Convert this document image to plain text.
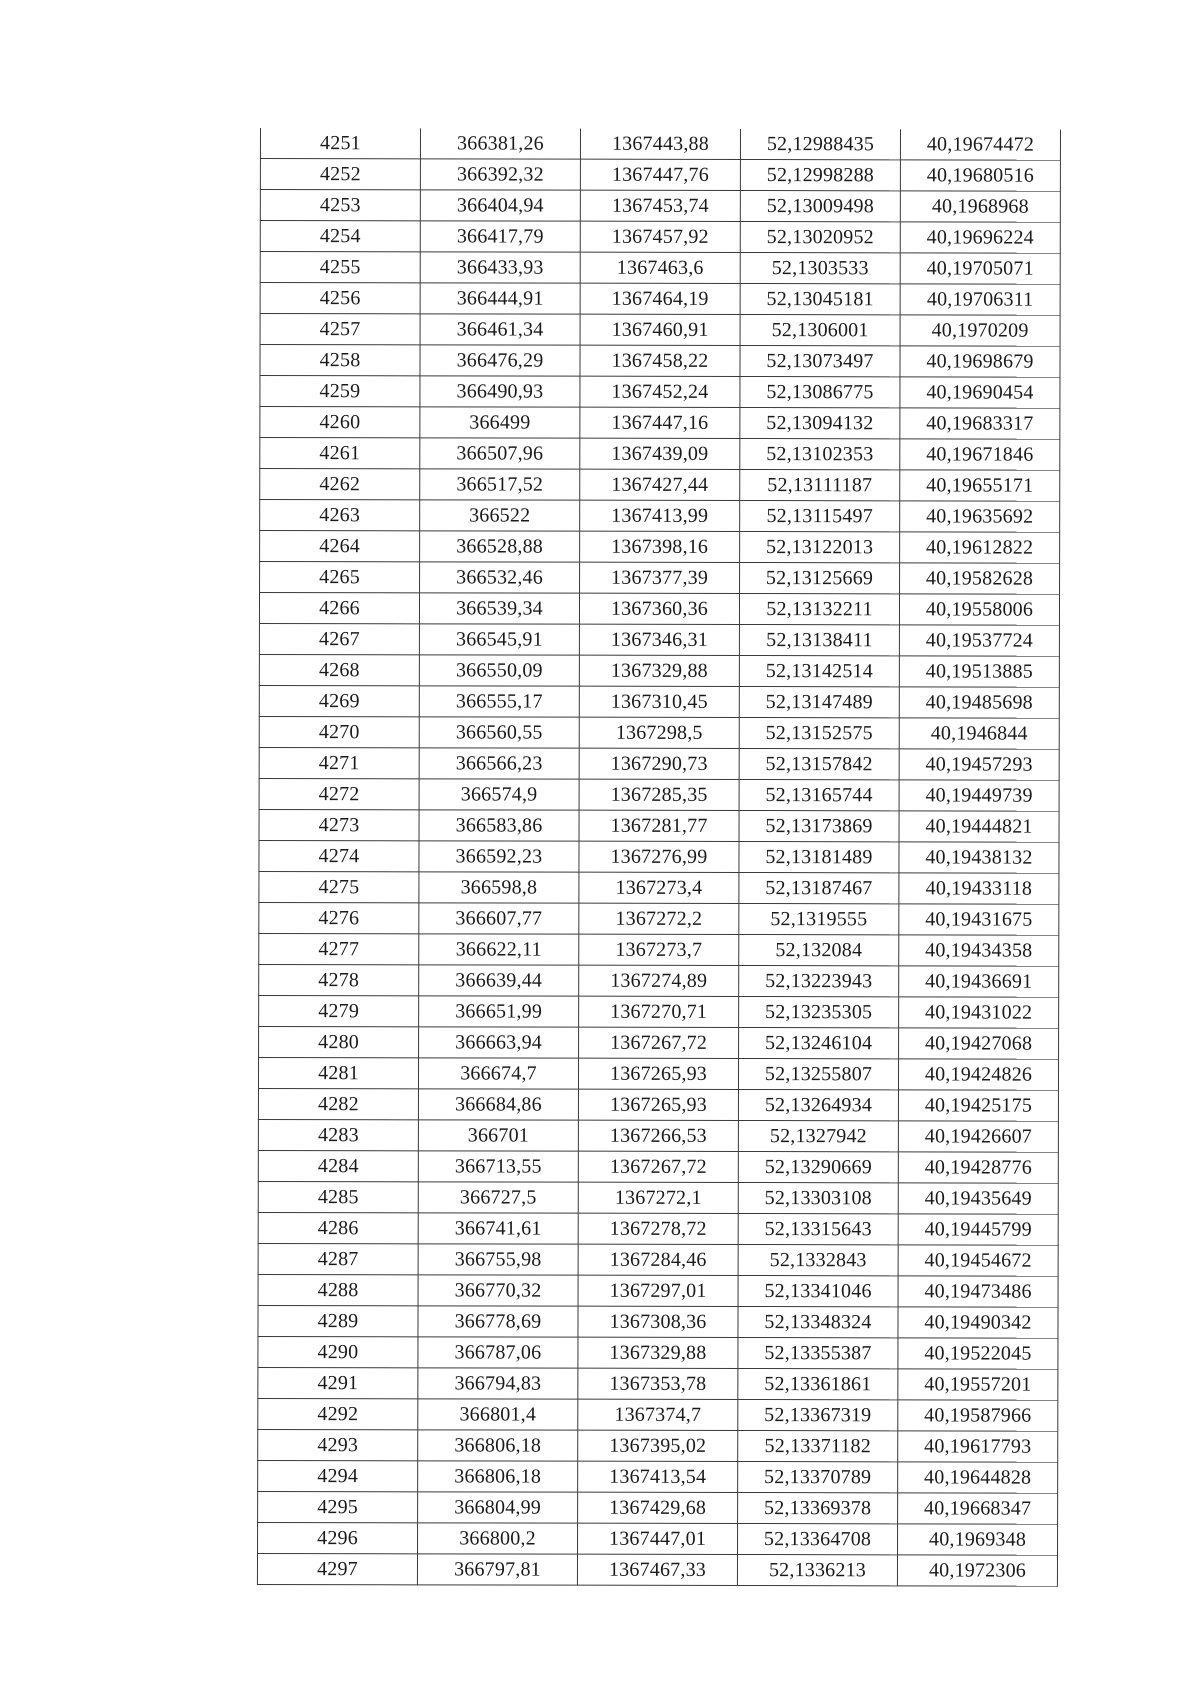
4251	366381,26	1367443,88	52,12988435	40,19674472
4252	366392,32	1367447,76	52,12998288	40,19680516
4253	366404,94	1367453,74	52,13009498	40,1968968
4254	366417,79	1367457,92	52,13020952	40,19696224
4255	366433,93	1367463,6	52,1303533	40,19705071
4256	366444,91	1367464,19	52,13045181	40,19706311
4257	366461,34	1367460,91	52,1306001	40,1970209
4258	366476,29	1367458,22	52,13073497	40,19698679
4259	366490,93	1367452,24	52,13086775	40,19690454
4260	366499	1367447,16	52,13094132	40,19683317
4261	366507,96	1367439,09	52,13102353	40,19671846
4262	366517,52	1367427,44	52,13111187	40,19655171
4263	366522	1367413,99	52,13115497	40,19635692
4264	366528,88	1367398,16	52,13122013	40,19612822
4265	366532,46	1367377,39	52,13125669	40,19582628
4266	366539,34	1367360,36	52,13132211	40,19558006
4267	366545,91	1367346,31	52,13138411	40,19537724
4268	366550,09	1367329,88	52,13142514	40,19513885
4269	366555,17	1367310,45	52,13147489	40,19485698
4270	366560,55	1367298,5	52,13152575	40,1946844
4271	366566,23	1367290,73	52,13157842	40,19457293
4272	366574,9	1367285,35	52,13165744	40,19449739
4273	366583,86	1367281,77	52,13173869	40,19444821
4274	366592,23	1367276,99	52,13181489	40,19438132
4275	366598,8	1367273,4	52,13187467	40,19433118
4276	366607,77	1367272,2	52,1319555	40,19431675
4277	366622,11	1367273,7	52,132084	40,19434358
4278	366639,44	1367274,89	52,13223943	40,19436691
4279	366651,99	1367270,71	52,13235305	40,19431022
4280	366663,94	1367267,72	52,13246104	40,19427068
4281	366674,7	1367265,93	52,13255807	40,19424826
4282	366684,86	1367265,93	52,13264934	40,19425175
4283	366701	1367266,53	52,1327942	40,19426607
4284	366713,55	1367267,72	52,13290669	40,19428776
4285	366727,5	1367272,1	52,13303108	40,19435649
4286	366741,61	1367278,72	52,13315643	40,19445799
4287	366755,98	1367284,46	52,1332843	40,19454672
4288	366770,32	1367297,01	52,13341046	40,19473486
4289	366778,69	1367308,36	52,13348324	40,19490342
4290	366787,06	1367329,88	52,13355387	40,19522045
4291	366794,83	1367353,78	52,13361861	40,19557201
4292	366801,4	1367374,7	52,13367319	40,19587966
4293	366806,18	1367395,02	52,13371182	40,19617793
4294	366806,18	1367413,54	52,13370789	40,19644828
4295	366804,99	1367429,68	52,13369378	40,19668347
4296	366800,2	1367447,01	52,13364708	40,1969348
4297	366797,81	1367467,33	52,1336213	40,1972306
